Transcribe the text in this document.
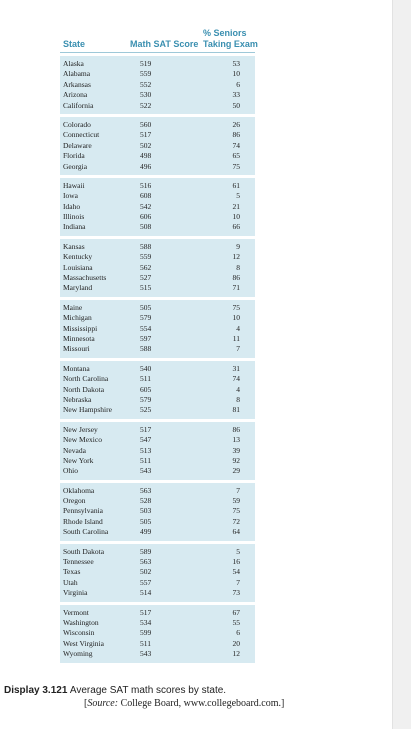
State	Math SAT Score
% Seniors
Taking Exam
Alaska	519	53
Alabama	559	10
Arkansas	552	6
Arizona	530	33
California	522	50
Colorado	560	26
Connecticut	517	86
Delaware	502	74
Florida	498	65
Georgia	496	75
Hawaii	516	61
Iowa	608	5
Idaho	542	21
Illinois	606	10
Indiana	508	66
Kansas	588	9
Kentucky	559	12
Louisiana	562	8
Massachusetts	527	86
Maryland	515	71
Maine	505	75
Michigan	579	10
Mississippi	554	4
Minnesota	597	11
Missouri	588	7
Montana	540	31
North Carolina	511	74
North Dakota	605	4
Nebraska	579	8
New Hampshire	525	81
New Jersey	517	86
New Mexico	547	13
Nevada	513	39
New York	511	92
Ohio	543	29
Oklahoma	563	7
Oregon	528	59
Pennsylvania	503	75
Rhode Island	505	72
South Carolina	499	64
South Dakota	589	5
Tennessee	563	16
Texas	502	54
Utah	557	7
Virginia	514	73
Vermont	517	67
Washington	534	55
Wisconsin	599	6
West Virginia	511	20
Wyoming	543	12
Display 3.121 Average SAT math scores by state.
[Source: College Board, www.collegeboard.com.]
